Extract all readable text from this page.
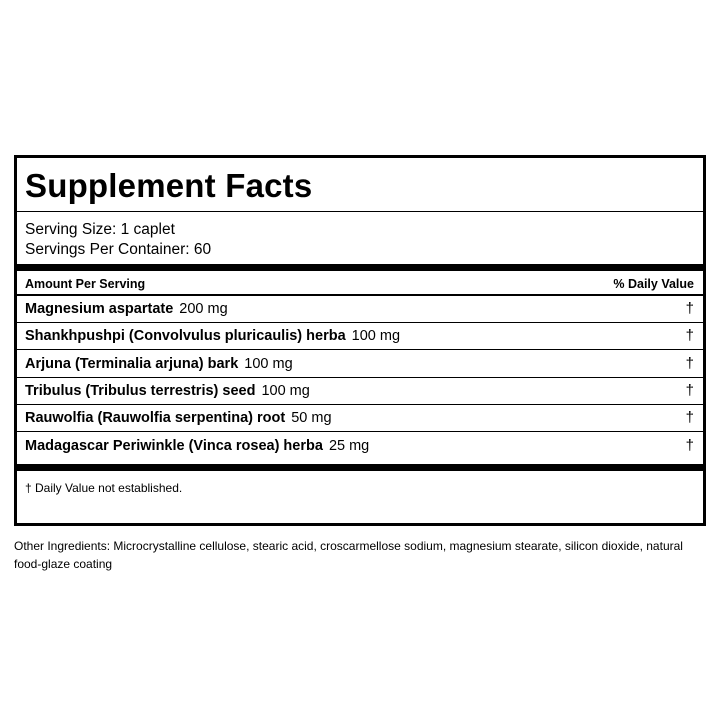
Supplement Facts
Serving Size: 1 caplet
Servings Per Container: 60
Amount Per Serving	% Daily Value
Magnesium aspartate 200 mg	†
Shankhpushpi (Convolvulus pluricaulis) herba 100 mg	†
Arjuna (Terminalia arjuna) bark 100 mg	†
Tribulus (Tribulus terrestris) seed 100 mg	†
Rauwolfia (Rauwolfia serpentina) root 50 mg	†
Madagascar Periwinkle (Vinca rosea) herba 25 mg	†
† Daily Value not established.
Other Ingredients: Microcrystalline cellulose, stearic acid, croscarmellose sodium, magnesium stearate, silicon dioxide, natural food-glaze coating
